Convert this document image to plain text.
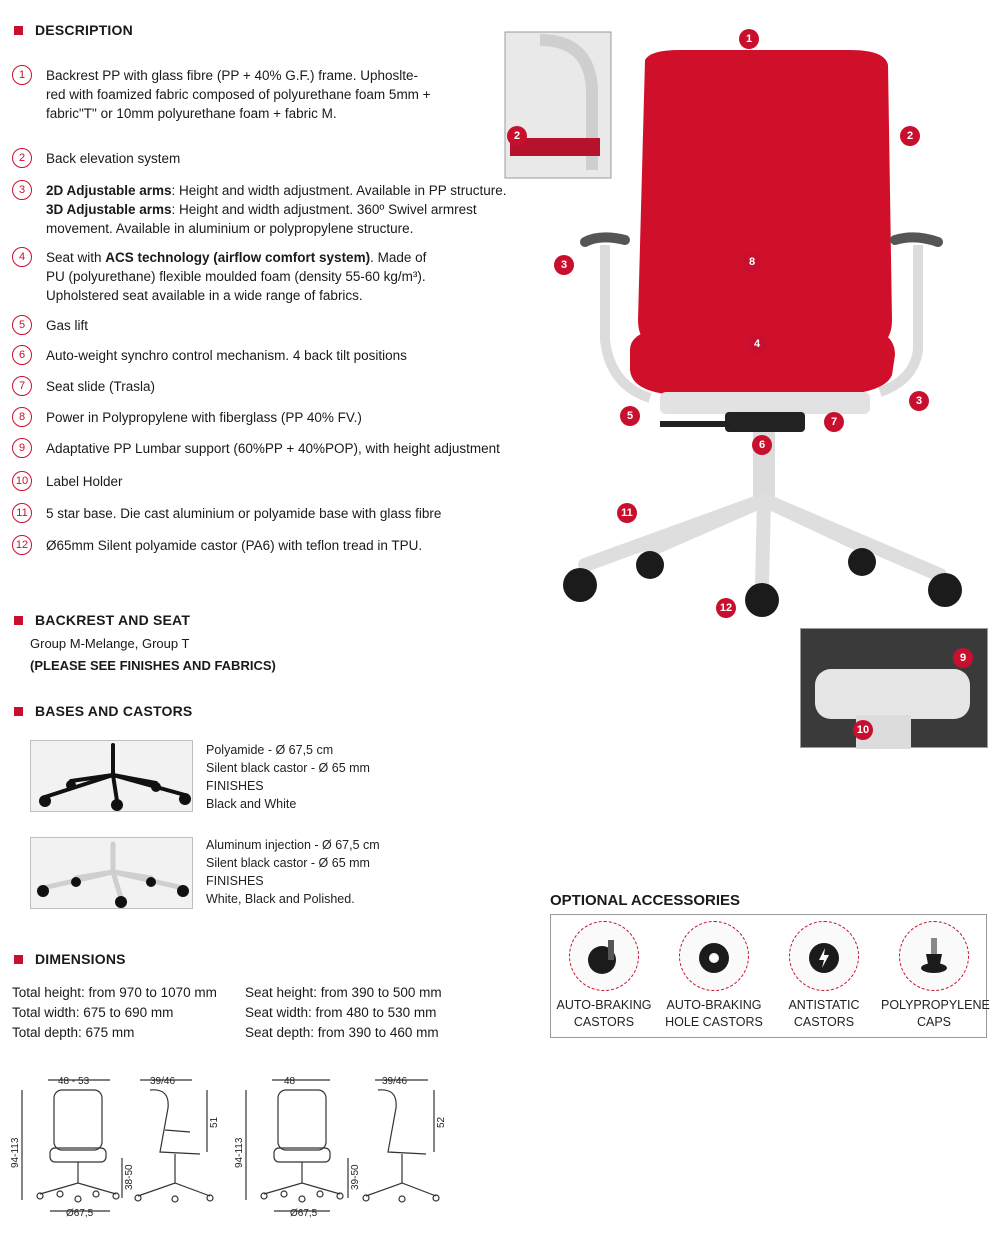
DESCRIPTION
1	Backrest PP with glass fibre (PP + 40% G.F.) frame. Uphoslte-
red with foamized fabric composed of polyurethane foam 5mm +
fabric"T" or 10mm polyurethane foam + fabric M.
2	Back elevation system
3	2D Adjustable arms: Height and width adjustment. Available in PP structure.
3D Adjustable arms: Height and width adjustment. 360º Swivel armrest
movement. Available in aluminium or polypropylene structure.
4	Seat with ACS technology (airflow comfort system). Made of
PU (polyurethane) flexible moulded foam (density 55-60 kg/m³).
Upholstered seat available in a wide range of fabrics.
5	Gas lift
6	Auto-weight synchro control mechanism. 4 back tilt positions
7	Seat slide (Trasla)
8	Power in Polypropylene with fiberglass (PP 40% FV.)
9	Adaptative PP Lumbar support (60%PP + 40%POP), with height adjustment
10 Label Holder
11	5 star base. Die cast aluminium or polyamide base with glass fibre
12 Ø65mm Silent polyamide castor (PA6) with teflon tread in TPU.
BACKREST AND SEAT
Group M-Melange, Group T
(PLEASE SEE FINISHES AND FABRICS)
BASES AND CASTORS
Polyamide - Ø 67,5 cm
Silent black castor - Ø 65 mm
FINISHES
Black and White
Aluminum injection - Ø 67,5 cm
Silent black castor - Ø 65 mm
FINISHES
White, Black and Polished.
DIMENSIONS
Total height: from 970 to 1070 mm
Total width: 675 to 690 mm
Total depth: 675 mm
Seat height: from 390 to 500 mm
Seat width: from 480 to 530 mm
Seat depth: from 390 to 460 mm
48 - 53	39/46
Ø67,5
48	39/46
Ø67,5
94-113
38-50
51
94-113
39-50
52
1
2	2
3	8
4
3
5	7
6
11
12
9
10
OPTIONAL ACCESSORIES
AUTO-BRAKING
CASTORS
AUTO-BRAKING
HOLE CASTORS
ANTISTATIC
CASTORS
POLYPROPYLENE
CAPS
